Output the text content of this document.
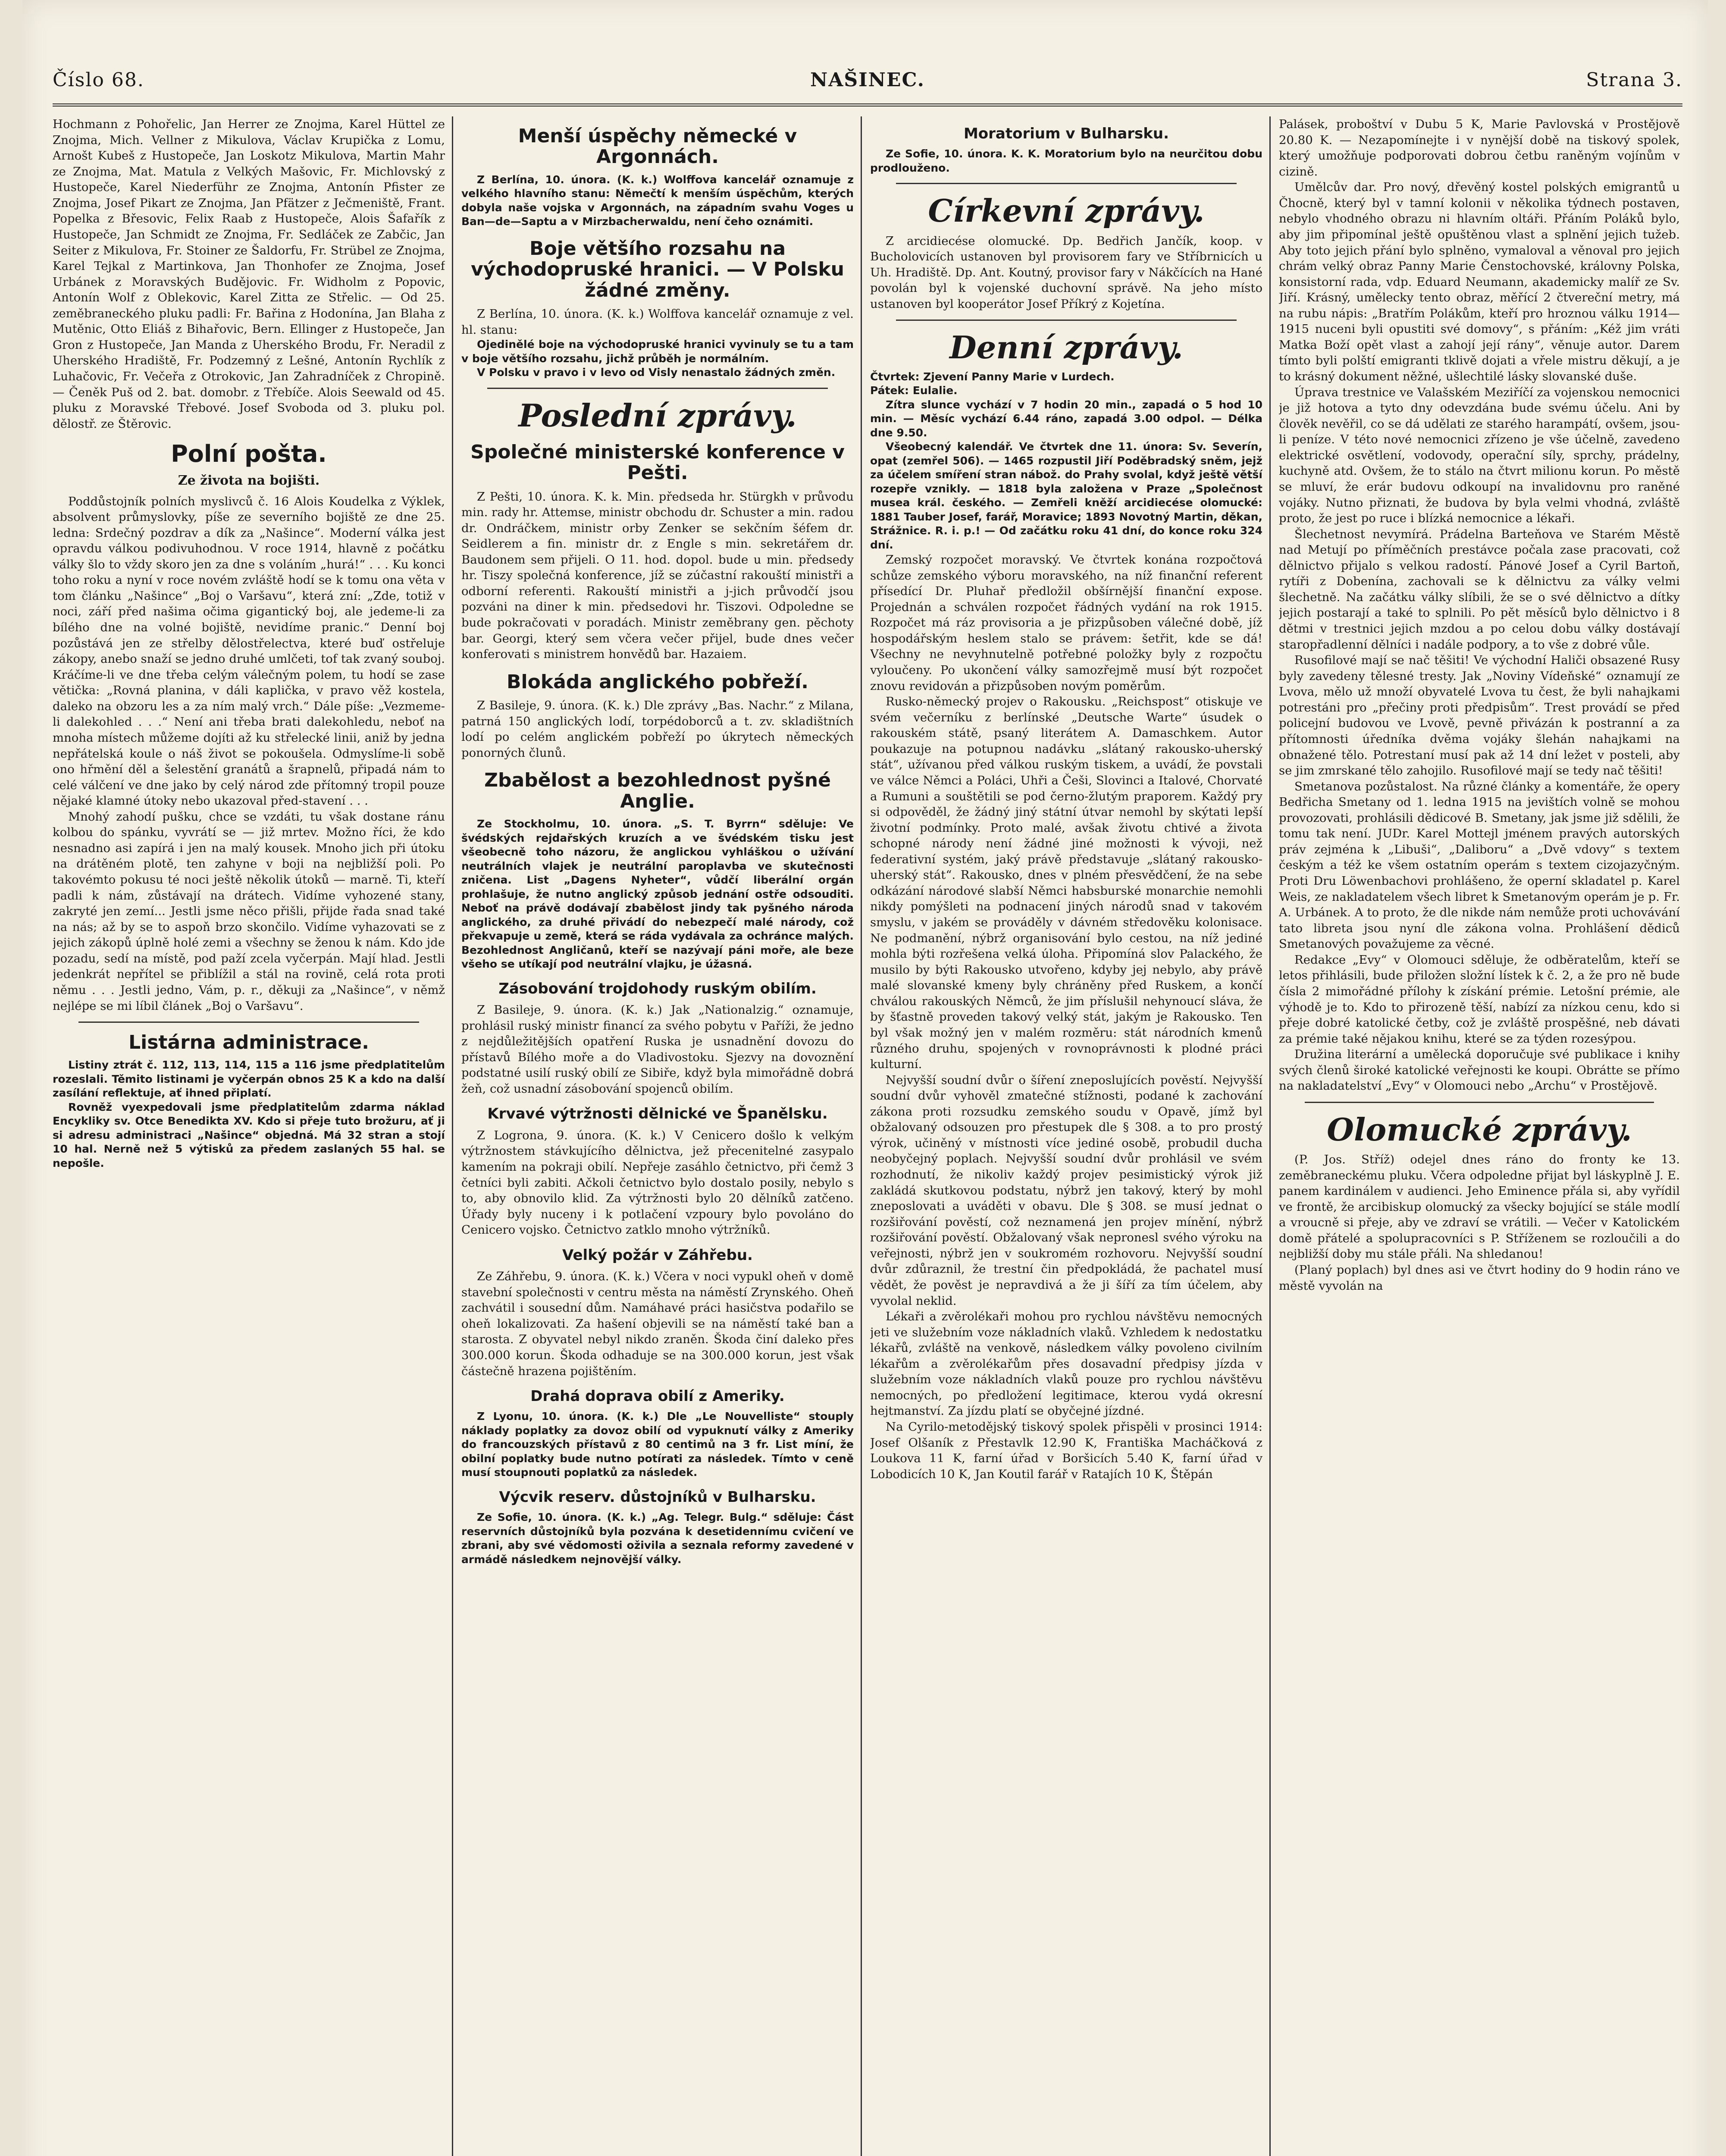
Číslo 68.	NAŠINEC.	Strana 3.

Hochmann z Pohořelic, Jan Herrer ze Znojma, Karel Hüttel ze Znojma, Mich. Vellner z Mikulova, Václav Krupička z Lomu, Arnošt Kubeš z Hustopeče, Jan Loskotz Mikulova, Martin Mahr ze Znojma, Mat. Matula z Velkých Mašovic, Fr. Michlovský z Hustopeče, Karel Niederführ ze Znojma, Antonín Pfister ze Znojma, Josef Pikart ze Znojma, Jan Pfätzer z Ječmeniště, Frant. Popelka z Břesovic, Felix Raab z Hustopeče, Alois Šafařík z Hustopeče, Jan Schmidt ze Znojma, Fr. Sedláček ze Zabčic, Jan Seiter z Mikulova, Fr. Stoiner ze Šaldorfu, Fr. Strübel ze Znojma, Karel Tejkal z Martinkova, Jan Thonhofer ze Znojma, Josef Urbánek z Moravských Budějovic. Fr. Widholm z Popovic, Antonín Wolf z Oblekovic, Karel Zitta ze Střelic. — Od 25. zeměbraneckého pluku padli: Fr. Bařina z Hodonína, Jan Blaha z Mutěnic, Otto Eliáš z Bihařovic, Bern. Ellinger z Hustopeče, Jan Gron z Hustopeče, Jan Manda z Uherského Brodu, Fr. Neradil z Uherského Hradiště, Fr. Podzemný z Lešné, Antonín Rychlík z Luhačovic, Fr. Večeřa z Otrokovic, Jan Zahradníček z Chropině. — Čeněk Puš od 2. bat. domobr. z Třebíče. Alois Seewald od 45. pluku z Moravské Třebové. Josef Svoboda od 3. pluku pol. dělostř. ze Štěrovic.

Polní pošta.
Ze života na bojišti.

Poddůstojník polních myslivců č. 16 Alois Koudelka z Výklek, absolvent průmyslovky, píše ze severního bojiště ze dne 25. ledna: Srdečný pozdrav a dík za „Našince“. Moderní válka jest opravdu válkou podivuhodnou. V roce 1914, hlavně z počátku války šlo to vždy skoro jen za dne s voláním „hurá!“ . . . Ku konci toho roku a nyní v roce novém zvláště hodí se k tomu ona věta v tom článku „Našince“ „Boj o Varšavu“, která zní: „Zde, totiž v noci, září před našima očima gigantický boj, ale jedeme-li za bílého dne na volné bojiště, nevidíme pranic.“ Denní boj pozůstává jen ze střelby dělostřelectva, které buď ostřeluje zákopy, anebo snaží se jedno druhé umlčeti, tof tak zvaný souboj. Kráčíme-li ve dne třeba celým válečným polem, tu hodí se zase větička: „Rovná planina, v dáli kaplička, v pravo věž kostela, daleko na obzoru les a za ním malý vrch.“ Dále píše: „Vezmeme-li dalekohled . . .“ Není ani třeba brati dalekohledu, neboť na mnoha místech můžeme dojíti až ku střelecké linii, aniž by jedna nepřátelská koule o náš život se pokoušela. Odmyslíme-li sobě ono hřmění děl a šelestění granátů a šrapnelů, připadá nám to celé válčení ve dne jako by celý národ zde přítomný tropil pouze nějaké klamné útoky nebo ukazoval před-stavení . . .

Mnohý zahodí pušku, chce se vzdáti, tu však dostane ránu kolbou do spánku, vyvrátí se — již mrtev. Možno říci, že kdo nesnadno asi zapírá i jen na malý kousek. Mnoho jich při útoku na drátěném plotě, ten zahyne v boji na nejbližší poli. Po takovémto pokusu té noci ještě několik útoků — marně. Ti, kteří padli k nám, zůstávají na drátech. Vidíme vyhozené stany, zakryté jen zemí... Jestli jsme něco přišli, přijde řada snad také na nás; až by se to aspoň brzo skončilo. Vidíme vyhazovati se z jejich zákopů úplně holé zemi a všechny se ženou k nám. Kdo jde pozadu, sedí na místě, pod paží zcela vyčerpán. Mají hlad. Jestli jedenkrát nepřítel se přiblížil a stál na rovině, celá rota proti němu . . . Jestli jedno, Vám, p. r., děkuji za „Našince“, v němž nejlépe se mi líbil článek „Boj o Varšavu“.

Listárna administrace.

Listiny ztrát č. 112, 113, 114, 115 a 116 jsme předplatitelům rozeslali. Těmito listinami je vyčerpán obnos 25 K a kdo na další zasílání reflektuje, ať ihned připlatí.

Rovněž vyexpedovali jsme předplatitelům zdarma náklad Encykliky sv. Otce Benedikta XV. Kdo si přeje tuto brožuru, ať ji si adresu administraci „Našince“ objedná. Má 32 stran a stojí 10 hal. Nerně než 5 výtisků za předem zaslaných 55 hal. se nepošle.

Menší úspěchy německé v Argonnách.

Z Berlína, 10. února. (K. k.) Wolffova kancelář oznamuje z velkého hlavního stanu: Němečtí k menším úspěchům, kterých dobyla naše vojska v Argonnách, na západním svahu Voges u Ban—de—Saptu a v Mirzbacherwaldu, není čeho oznámiti.

Boje většího rozsahu na východopruské hranici. — V Polsku žádné změny.

Z Berlína, 10. února. (K. k.) Wolffova kancelář oznamuje z vel. hl. stanu:

Ojedinělé boje na východopruské hranici vyvinuly se tu a tam v boje většího rozsahu, jichž průběh je normálním.

V Polsku v pravo i v levo od Visly nenastalo žádných změn.

Poslední zprávy.
Společné ministerské konference v Pešti.

Z Pešti, 10. února. K. k. Min. předseda hr. Stürgkh v průvodu min. rady hr. Attemse, ministr obchodu dr. Schuster a min. radou dr. Ondráčkem, ministr orby Zenker se sekčním šéfem dr. Seidlerem a fin. ministr dr. z Engle s min. sekretářem dr. Baudonem sem přijeli. O 11. hod. dopol. bude u min. předsedy hr. Tiszy společná konference, jíž se zúčastní rakouští ministři a odborní referenti. Rakouští ministři a j-jich průvodčí jsou pozváni na diner k min. předsedovi hr. Tiszovi. Odpoledne se bude pokračovati v poradách. Ministr zeměbrany gen. pěchoty bar. Georgi, který sem včera večer přijel, bude dnes večer konferovati s ministrem honvědů bar. Hazaiem.

Blokáda anglického pobřeží.

Z Basileje, 9. února. (K. k.) Dle zprávy „Bas. Nachr.“ z Milana, patrná 150 anglických lodí, torpédoborců a t. zv. skladištních lodí po celém anglickém pobřeží po úkrytech německých ponorných člunů.

Zbabělost a bezohlednost pyšné Anglie.

Ze Stockholmu, 10. února. „S. T. Byrrn“ sděluje: Ve švédských rejdařských kruzích a ve švédském tisku jest všeobecně toho názoru, že anglickou vyhláškou o užívání neutrálních vlajek je neutrální paroplavba ve skutečnosti zničena. List „Dagens Nyheter“, vůdčí liberální orgán prohlašuje, že nutno anglický způsob jednání ostře odsouditi. Neboť na právě dodávají zbabělost jindy tak pyšného národa anglického, za druhé přivádí do nebezpečí malé národy, což překvapuje u země, která se ráda vydávala za ochránce malých. Bezohlednost Angličanů, kteří se nazývají páni moře, ale beze všeho se utíkají pod neutrální vlajku, je úžasná.

Zásobování trojdohody ruským obilím.

Z Basileje, 9. února. (K. k.) Jak „Nationalzig.“ oznamuje, prohlásil ruský ministr financí za svého pobytu v Paříži, že jedno z nejdůležitějších opatření Ruska je usnadnění dovozu do přístavů Bílého moře a do Vladivostoku. Sjezvy na dovoznění podstatné usilí ruský obilí ze Sibiře, když byla mimořádně dobrá žeň, což usnadní zásobování spojenců obilím.

Krvavé výtržnosti dělnické ve Španělsku.

Z Logrona, 9. února. (K. k.) V Cenicero došlo k velkým výtržnostem stávkujícího dělnictva, jež přecenitelné zasypalo kamením na pokraji obilí. Nepřeje zasáhlo četnictvo, při čemž 3 četníci byli zabiti. Ačkoli četnictvo bylo dostalo posily, nebylo s to, aby obnovilo klid. Za výtržnosti bylo 20 dělníků zatčeno. Úřady byly nuceny i k potlačení vzpoury bylo povoláno do Cenicero vojsko. Četnictvo zatklo mnoho výtržníků.

Velký požár v Záhřebu.

Ze Záhřebu, 9. února. (K. k.) Včera v noci vypukl oheň v domě stavební společnosti v centru města na náměstí Zrynského. Oheň zachvátil i sousední dům. Namáhavé práci hasičstva podařilo se oheň lokalizovati. Za hašení objevili se na náměstí také ban a starosta. Z obyvatel nebyl nikdo zraněn. Škoda činí daleko přes 300.000 korun. Škoda odhaduje se na 300.000 korun, jest však částečně hrazena pojištěním.

Drahá doprava obilí z Ameriky.

Z Lyonu, 10. února. (K. k.) Dle „Le Nouvelliste“ stouply náklady poplatky za dovoz obilí od vypuknutí války z Ameriky do francouzských přístavů z 80 centimů na 3 fr. List míní, že obilní poplatky bude nutno potírati za následek. Tímto v ceně musí stoupnouti poplatků za následek.

Výcvik reserv. důstojníků v Bulharsku.

Ze Sofie, 10. února. (K. k.) „Ag. Telegr. Bulg.“ sděluje: Část reservních důstojníků byla pozvána k desetidennímu cvičení ve zbrani, aby své vědomosti oživila a seznala reformy zavedené v armádě následkem nejnovější války.

Moratorium v Bulharsku.

Ze Sofie, 10. února. K. K. Moratorium bylo na neurčitou dobu prodlouženo.

Církevní zprávy.

Z arcidiecése olomucké. Dp. Bedřich Jančík, koop. v Bucholovicích ustanoven byl provisorem fary ve Stříbrnicích u Uh. Hradiště. Dp. Ant. Koutný, provisor fary v Nákčících na Hané povolán byl k vojenské duchovní správě. Na jeho místo ustanoven byl kooperátor Josef Příkrý z Kojetína.

Denní zprávy.

Čtvrtek: Zjevení Panny Marie v Lurdech.

Pátek: Eulalie.

Zítra slunce vychází v 7 hodin 20 min., zapadá o 5 hod 10 min. — Měsíc vychází 6.44 ráno, zapadá 3.00 odpol. — Délka dne 9.50.

Všeobecný kalendář. Ve čtvrtek dne 11. února: Sv. Severín, opat (zemřel 506). — 1465 rozpustil Jiří Poděbradský sněm, jejž za účelem smíření stran nábož. do Prahy svolal, když ještě větší rozepře vznikly. — 1818 byla založena v Praze „Společnost musea král. českého. — Zemřeli kněží arcidiecése olomucké: 1881 Tauber Josef, farář, Moravice; 1893 Novotný Martin, děkan, Strážnice. R. i. p.! — Od začátku roku 41 dní, do konce roku 324 dní.

Zemský rozpočet moravský. Ve čtvrtek konána rozpočtová schůze zemského výboru moravského, na níž finanční referent přísedící Dr. Pluhař předložil obšírnější finanční expose. Projednán a schválen rozpočet řádných vydání na rok 1915. Rozpočet má ráz provisoria a je přizpůsoben válečné době, jíž hospodářským heslem stalo se právem: šetřit, kde se dá! Všechny ne nevyhnutelně potřebné položky byly z rozpočtu vyloučeny. Po ukončení války samozřejmě musí být rozpočet znovu revidován a přizpůsoben novým poměrům.

Rusko-německý projev o Rakousku. „Reichspost“ otiskuje ve svém večerníku z berlínské „Deutsche Warte“ úsudek o rakouském státě, psaný literátem A. Damaschkem. Autor poukazuje na potupnou nadávku „slátaný rakousko-uherský stát“, užívanou před válkou ruským tiskem, a uvádí, že povstali ve válce Němci a Poláci, Uhři a Češi, Slovinci a Italové, Chorvaté a Rumuni a souštětili se pod černo-žlutým praporem. Každý pry si odpověděl, že žádný jiný státní útvar nemohl by skýtati lepší životní podmínky. Proto malé, avšak životu chtivé a života schopné národy není žádné jiné možnosti k vývoji, než federativní systém, jaký právě představuje „slátaný rakousko-uherský stát“. Rakousko, dnes v plném přesvědčení, že na sebe odkázání národové slabší Němci habsburské monarchie nemohli nikdy pomýšleti na podnacení jiných národů snad v takovém smyslu, v jakém se prováděly v dávném středověku kolonisace. Ne podmanění, nýbrž organisování bylo cestou, na níž jediné mohla býti rozřešena velká úloha. Připomíná slov Palackého, že musilo by býti Rakousko utvořeno, kdyby jej nebylo, aby právě malé slovanské kmeny byly chráněny před Ruskem, a končí chválou rakouských Němců, že jim příslušil nehynoucí sláva, že by šťastně proveden takový velký stát, jakým je Rakousko. Ten byl však možný jen v malém rozměru: stát národních kmenů různého druhu, spojených v rovnoprávnosti k plodné práci kulturní.

Nejvyšší soudní dvůr o šíření zneposlujících pověstí. Nejvyšší soudní dvůr vyhověl zmatečné stížnosti, podané k zachování zákona proti rozsudku zemského soudu v Opavě, jímž byl obžalovaný odsouzen pro přestupek dle § 308. a to pro prostý výrok, učiněný v místnosti více jediné osobě, probudil ducha neobyčejný poplach. Nejvyšší soudní dvůr prohlásil ve svém rozhodnutí, že nikoliv každý projev pesimistický výrok již zakládá skutkovou podstatu, nýbrž jen takový, který by mohl zneposlovati a uváděti v obavu. Dle § 308. se musí jednat o rozšiřování pověstí, což neznamená jen projev mínění, nýbrž rozšiřování pověstí. Obžalovaný však nepronesl svého výroku na veřejnosti, nýbrž jen v soukromém rozhovoru. Nejvyšší soudní dvůr zdůraznil, že trestní čin předpokládá, že pachatel musí vědět, že pověst je nepravdivá a že ji šíří za tím účelem, aby vyvolal neklid.

Lékaři a zvěrolékaři mohou pro rychlou návštěvu nemocných jeti ve služebním voze nákladních vlaků. Vzhledem k nedostatku lékařů, zvláště na venkově, následkem války povoleno civilním lékařům a zvěrolékařům přes dosavadní předpisy jízda v služebním voze nákladních vlaků pouze pro rychlou návštěvu nemocných, po předložení legitimace, kterou vydá okresní hejtmanství. Za jízdu platí se obyčejné jízdné.

Na Cyrilo-metodějský tiskový spolek přispěli v prosinci 1914: Josef Olšaník z Přestavlk 12.90 K, Františka Macháčková z Loukova 11 K, farní úřad v Boršicích 5.40 K, farní úřad v Lobodicích 10 K, Jan Koutil farář v Ratajích 10 K, Štěpán

Palásek, proboštví v Dubu 5 K, Marie Pavlovská v Prostějově 20.80 K. — Nezapomínejte i v nynější době na tiskový spolek, který umožňuje podporovati dobrou četbu raněným vojínům v cizině.

Umělcův dar. Pro nový, dřevěný kostel polských emigrantů u Čhocně, který byl v tamní kolonii v několika týdnech postaven, nebylo vhodného obrazu ni hlavním oltáři. Přáním Poláků bylo, aby jim připomínal ještě opuštěnou vlast a splnění jejich tužeb. Aby toto jejich přání bylo splněno, vymaloval a věnoval pro jejich chrám velký obraz Panny Marie Čenstochovské, královny Polska, konsistorní rada, vdp. Eduard Neumann, akademicky malíř ze Sv. Jiří. Krásný, umělecky tento obraz, měřící 2 čtvereční metry, má na rubu nápis: „Bratřím Polákům, kteří pro hroznou válku 1914—1915 nuceni byli opustiti své domovy“, s přáním: „Kéž jim vráti Matka Boží opět vlast a zahojí její rány“, věnuje autor. Darem tímto byli polští emigranti tklivě dojati a vřele mistru děkují, a je to krásný dokument něžné, ušlechtilé lásky slovanské duše.

Úprava trestnice ve Valašském Meziříčí za vojenskou nemocnici je již hotova a tyto dny odevzdána bude svému účelu. Ani by člověk nevěřil, co se dá udělati ze starého harampátí, ovšem, jsou-li peníze. V této nové nemocnici zřízeno je vše účelně, zavedeno elektrické osvětlení, vodovody, operační síly, sprchy, prádelny, kuchyně atd. Ovšem, že to stálo na čtvrt milionu korun. Po městě se mluví, že erár budovu odkoupí na invalidovnu pro raněné vojáky. Nutno přiznati, že budova by byla velmi vhodná, zvláště proto, že jest po ruce i blízká nemocnice a lékaři.

Šlechetnost nevymírá. Prádelna Barteňova ve Starém Městě nad Metují po příměčních prestávce počala zase pracovati, což dělnictvo přijalo s velkou radostí. Pánové Josef a Cyril Bartoň, rytíři z Dobenína, zachovali se k dělnictvu za války velmi šlechetně. Na začátku války slíbili, že se o své dělnictvo a dítky jejich postarají a také to splnili. Po pět měsíců bylo dělnictvo i 8 dětmi v trestnici jejich mzdou a po celou dobu války dostávají staropřadlenní dělníci i nadále podpory, a to vše z dobré vůle.

Rusofilové mají se nač těšiti! Ve východní Haliči obsazené Rusy byly zavedeny tělesné tresty. Jak „Noviny Vídeňské“ oznamují ze Lvova, mělo už množí obyvatelé Lvova tu čest, že byli nahajkami potrestáni pro „přečiny proti předpisům“. Trest provádí se před policejní budovou ve Lvově, pevně přivázán k postranní a za přítomnosti úředníka dvěma vojáky šlehán nahajkami na obnažené tělo. Potrestaní musí pak až 14 dní ležet v posteli, aby se jim zmrskané tělo zahojilo. Rusofilové mají se tedy nač těšiti!

Smetanova pozůstalost. Na různé články a komentáře, že opery Bedřicha Smetany od 1. ledna 1915 na jevištích volně se mohou provozovati, prohlásili dědicové B. Smetany, jak jsme již sdělili, že tomu tak není. JUDr. Karel Mottejl jménem pravých autorských práv zejména k „Libuši“, „Daliboru“ a „Dvě vdovy“ s textem českým a též ke všem ostatním operám s textem cizojazyčným. Proti Dru Löwenbachovi prohlášeno, že operní skladatel p. Karel Weis, ze nakladatelem všech libret k Smetanovým operám je p. Fr. A. Urbánek. A to proto, že dle nikde nám nemůže proti uchovávání tato libreta jsou nyní dle zákona volna. Prohlášení dědiců Smetanových považujeme za věcné.

Redakce „Evy“ v Olomouci sděluje, že odběratelům, kteří se letos přihlásili, bude přiložen složní lístek k č. 2, a že pro ně bude čísla 2 mimořádné přílohy k získání prémie. Letošní prémie, ale výhodě je to. Kdo to přirozeně těší, nabízí za nízkou cenu, kdo si přeje dobré katolické četby, což je zvláště prospěšné, neb dávati za prémie také nějakou knihu, které se za týden rozesýpou.

Družina literární a umělecká doporučuje své publikace i knihy svých členů široké katolické veřejnosti ke koupi. Obrátte se přímo na nakladatelství „Evy“ v Olomouci nebo „Archu“ v Prostějově.

Olomucké zprávy.

(P. Jos. Stříž) odejel dnes ráno do fronty ke 13. zeměbraneckému pluku. Včera odpoledne přijat byl láskyplně J. E. panem kardinálem v audienci. Jeho Eminence přála si, aby vyřídil ve frontě, že arcibiskup olomucký za všecky bojující se stále modlí a vroucně si přeje, aby ve zdraví se vrátili. — Večer v Katolickém domě přátelé a spolupracovníci s P. Stříženem se rozloučili a do nejbližší doby mu stále přáli. Na shledanou!

(Planý poplach) byl dnes asi ve čtvrt hodiny do 9 hodin ráno ve městě vyvolán na
